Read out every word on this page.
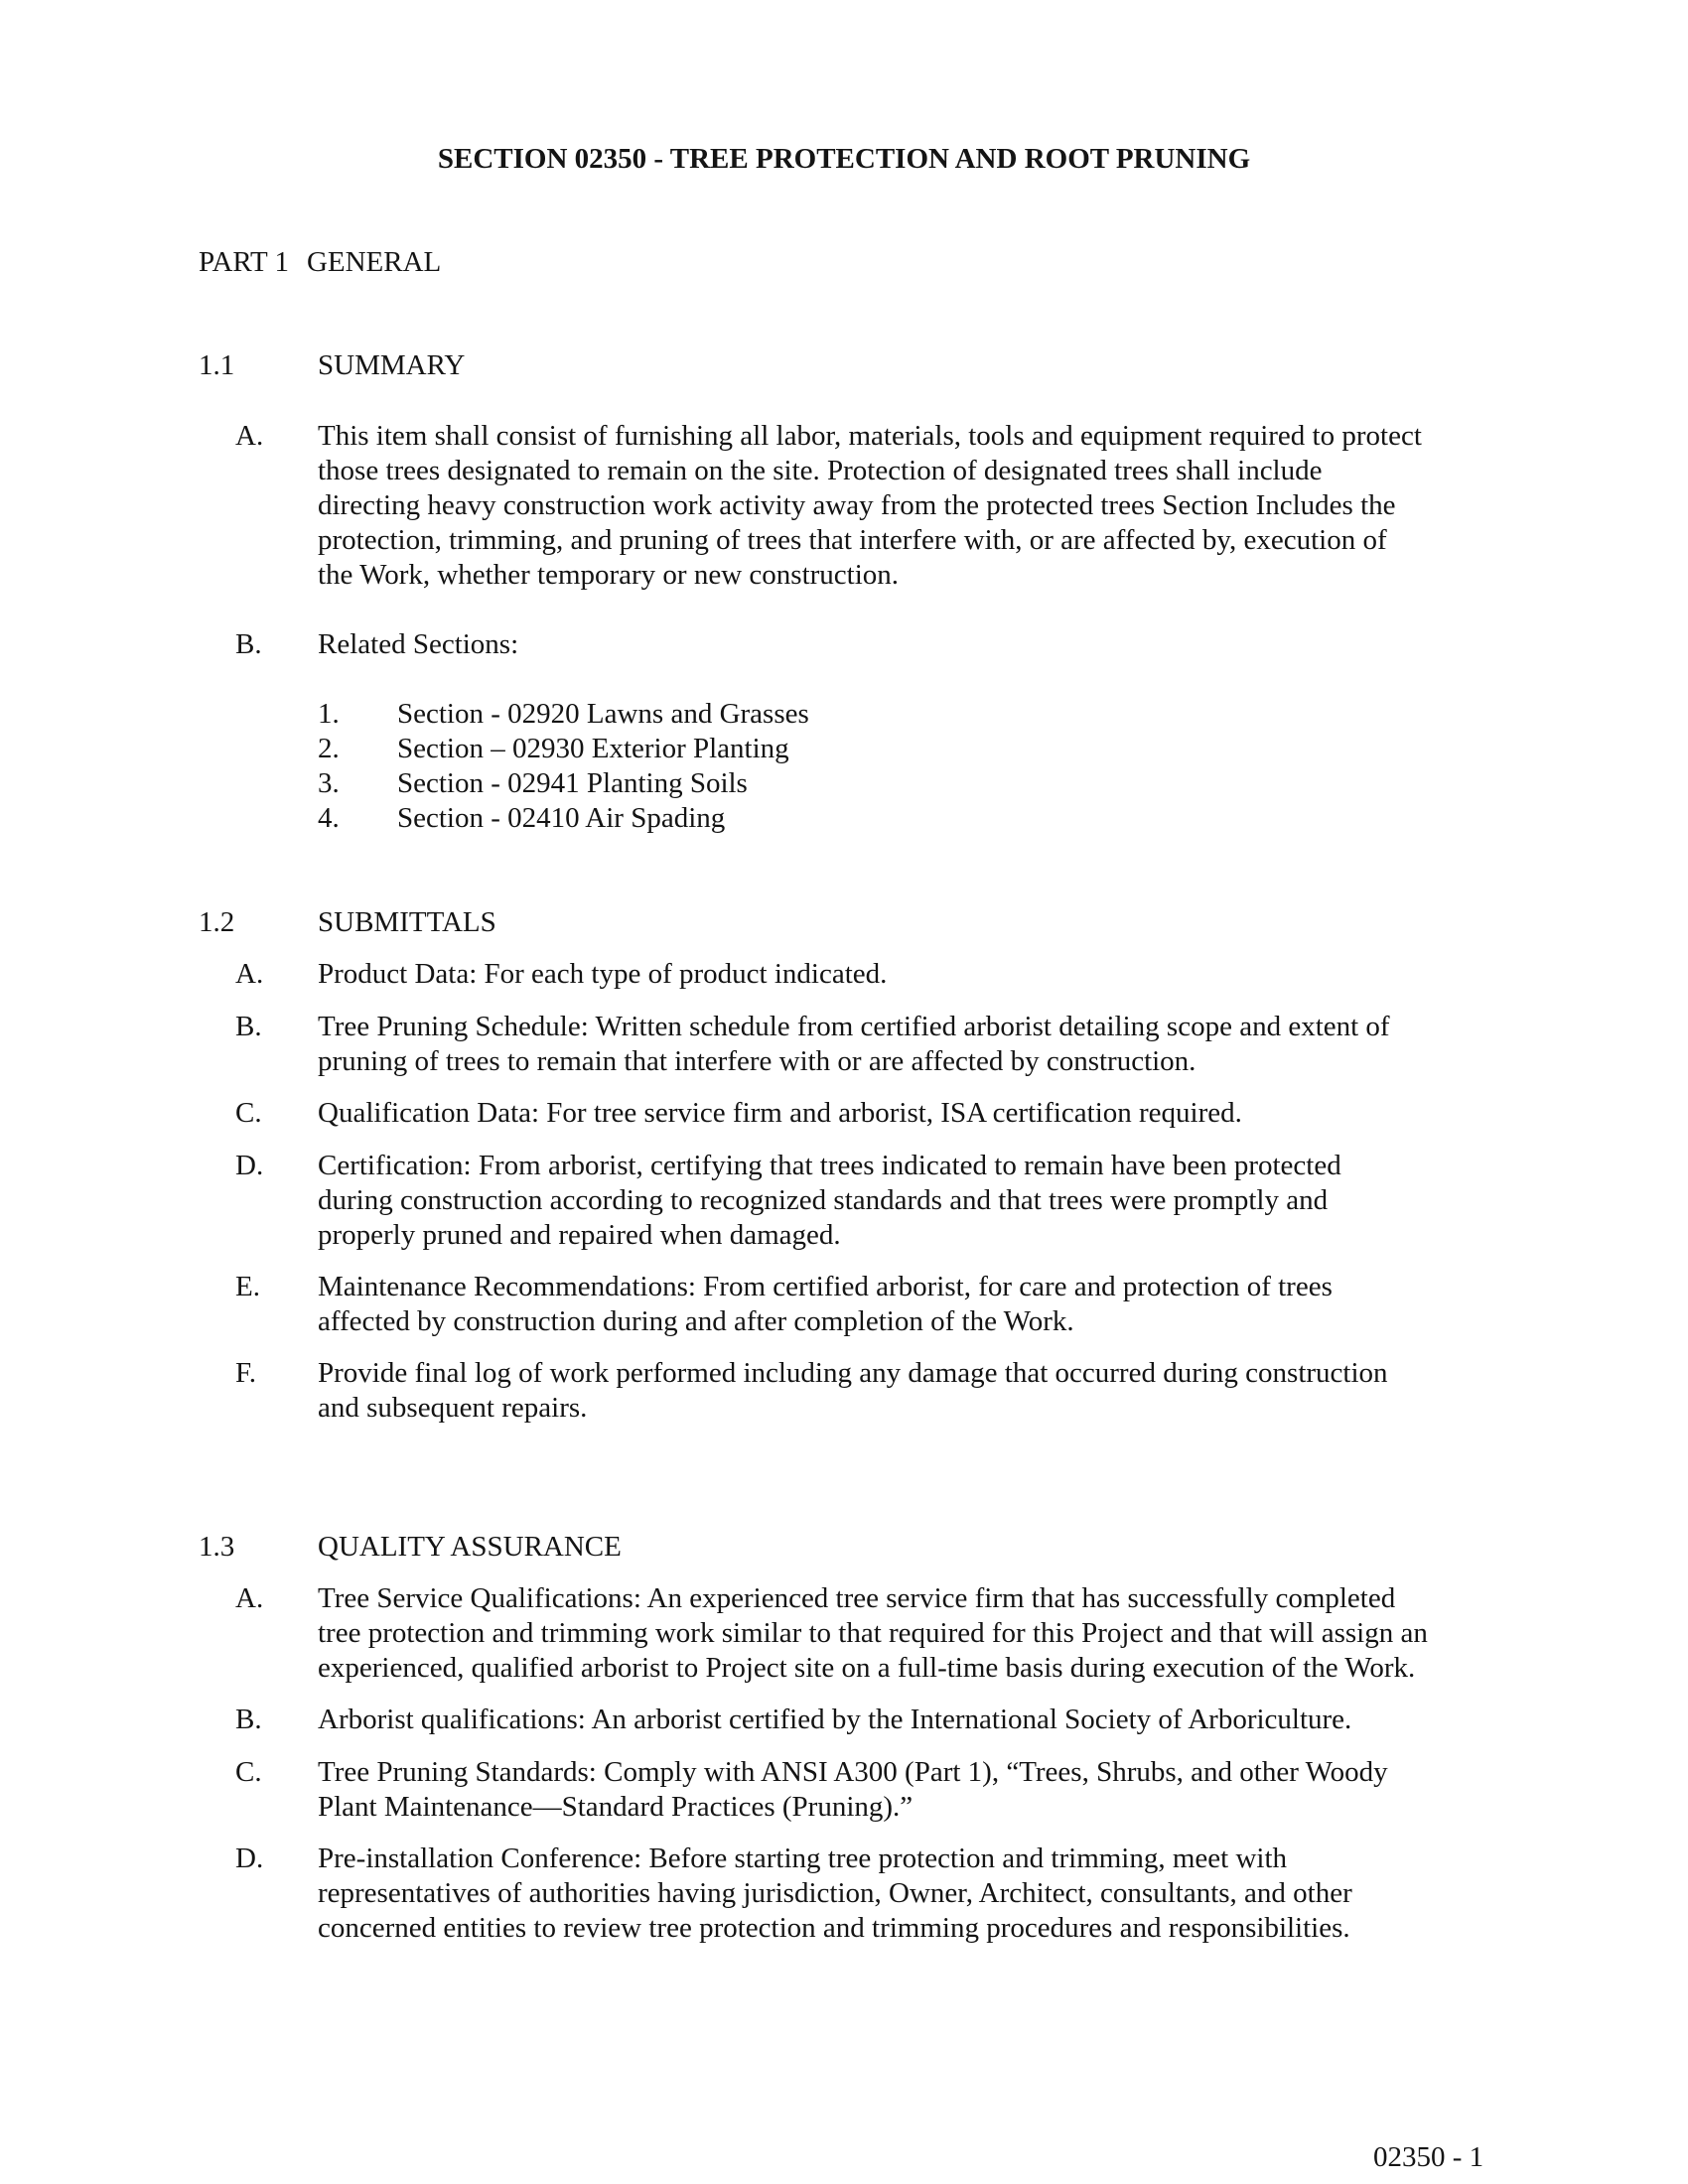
SECTION 02350 - TREE PROTECTION AND ROOT PRUNING
PART 1 GENERAL
1.1	SUMMARY
A. This item shall consist of furnishing all labor, materials, tools and equipment required to protect
those trees designated to remain on the site. Protection of designated trees shall include
directing heavy construction work activity away from the protected trees Section Includes the
protection, trimming, and pruning of trees that interfere with, or are affected by, execution of
the Work, whether temporary or new construction.
B. Related Sections:
1. Section - 02920 Lawns and Grasses
2. Section – 02930 Exterior Planting
3. Section - 02941 Planting Soils
4. Section - 02410 Air Spading
1.2	SUBMITTALS
A. Product Data: For each type of product indicated.
B. Tree Pruning Schedule: Written schedule from certified arborist detailing scope and extent of
pruning of trees to remain that interfere with or are affected by construction.
C. Qualification Data: For tree service firm and arborist, ISA certification required.
D. Certification: From arborist, certifying that trees indicated to remain have been protected
during construction according to recognized standards and that trees were promptly and
properly pruned and repaired when damaged.
E. Maintenance Recommendations: From certified arborist, for care and protection of trees
affected by construction during and after completion of the Work.
F. Provide final log of work performed including any damage that occurred during construction
and subsequent repairs.
1.3	QUALITY ASSURANCE
A. Tree Service Qualifications: An experienced tree service firm that has successfully completed
tree protection and trimming work similar to that required for this Project and that will assign an
experienced, qualified arborist to Project site on a full-time basis during execution of the Work.
B. Arborist qualifications: An arborist certified by the International Society of Arboriculture.
C. Tree Pruning Standards: Comply with ANSI A300 (Part 1), “Trees, Shrubs, and other Woody
Plant Maintenance—Standard Practices (Pruning).”
D. Pre-installation Conference: Before starting tree protection and trimming, meet with
representatives of authorities having jurisdiction, Owner, Architect, consultants, and other
concerned entities to review tree protection and trimming procedures and responsibilities.
02350 - 1
